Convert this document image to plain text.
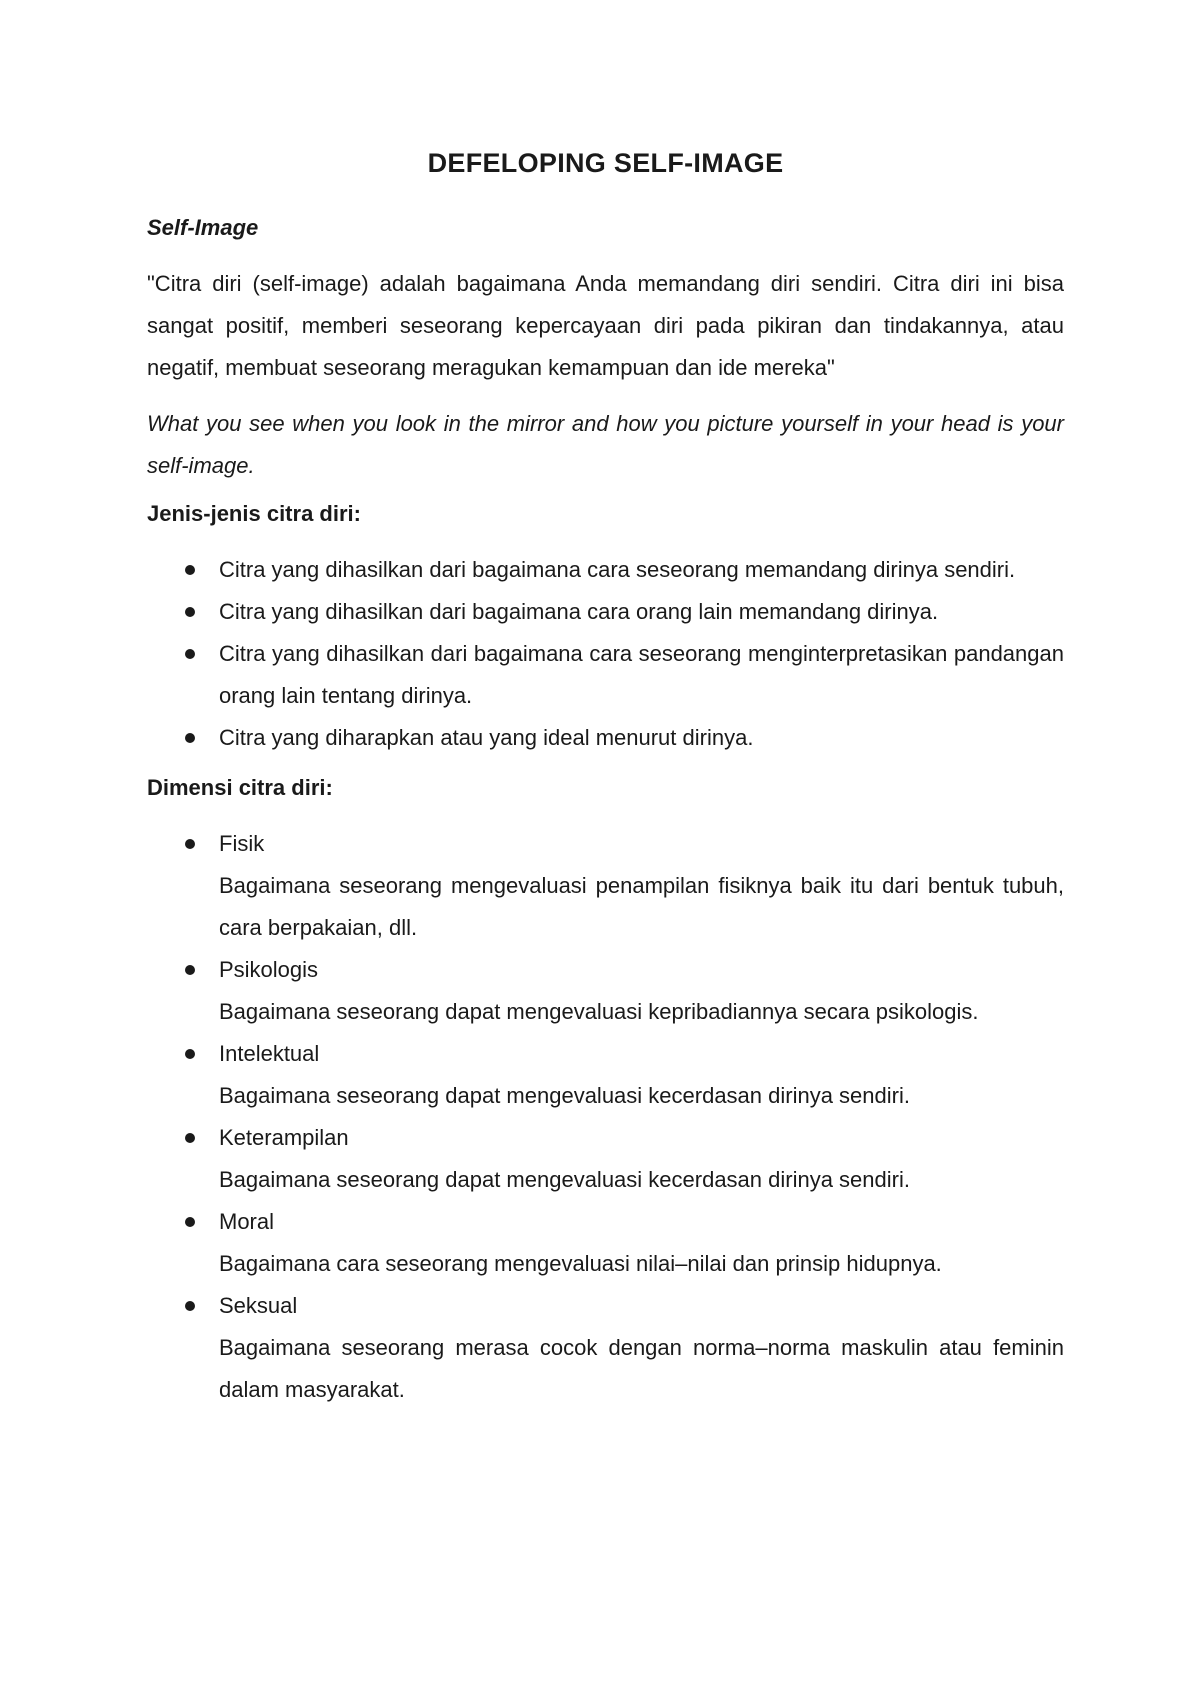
DEFELOPING SELF-IMAGE
Self-Image

"Citra diri (self-image) adalah bagaimana Anda memandang diri sendiri. Citra diri ini bisa sangat positif, memberi seseorang kepercayaan diri pada pikiran dan tindakannya, atau negatif, membuat seseorang meragukan kemampuan dan ide mereka"

What you see when you look in the mirror and how you picture yourself in your head is your self-image.

Jenis-jenis citra diri:
Citra yang dihasilkan dari bagaimana cara seseorang memandang dirinya sendiri.
Citra yang dihasilkan dari bagaimana cara orang lain memandang dirinya.
Citra yang dihasilkan dari bagaimana cara seseorang menginterpretasikan pandangan orang lain tentang dirinya.
Citra yang diharapkan atau yang ideal menurut dirinya.
Dimensi citra diri:
Fisik
Bagaimana seseorang mengevaluasi penampilan fisiknya baik itu dari bentuk tubuh, cara berpakaian, dll.
Psikologis
Bagaimana seseorang dapat mengevaluasi kepribadiannya secara psikologis.
Intelektual
Bagaimana seseorang dapat mengevaluasi kecerdasan dirinya sendiri.
Keterampilan
Bagaimana seseorang dapat mengevaluasi kecerdasan dirinya sendiri.
Moral
Bagaimana cara seseorang mengevaluasi nilai–nilai dan prinsip hidupnya.
Seksual
Bagaimana seseorang merasa cocok dengan norma–norma maskulin atau feminin dalam masyarakat.
